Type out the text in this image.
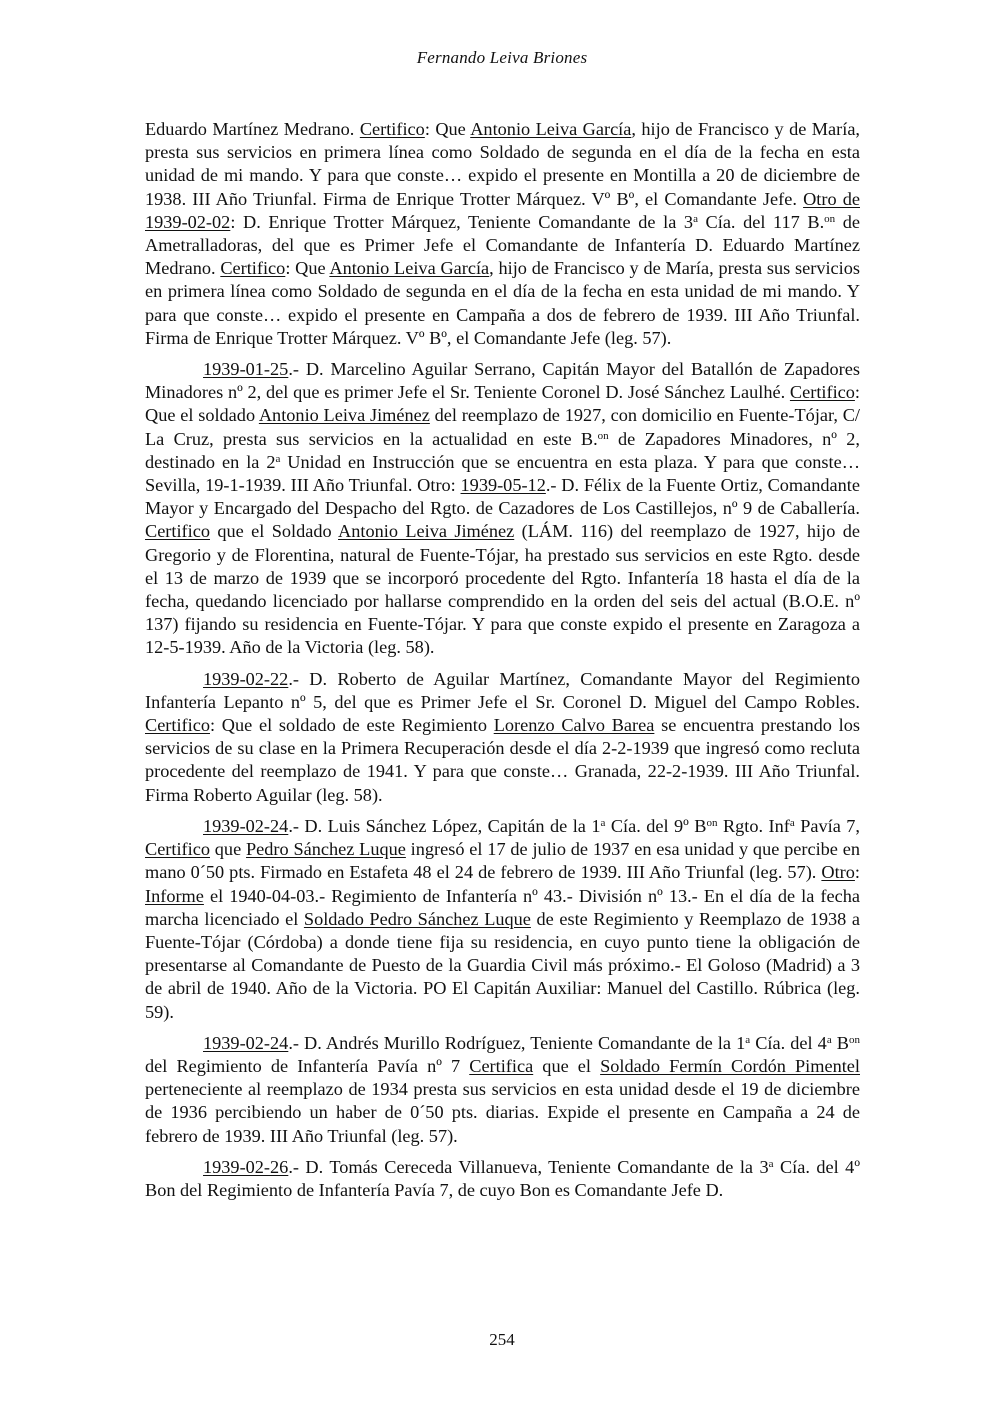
Fernando Leiva Briones

Eduardo Martínez Medrano. Certifico: Que Antonio Leiva García, hijo de Francisco y de María, presta sus servicios en primera línea como Soldado de segunda en el día de la fecha en esta unidad de mi mando. Y para que conste… expido el presente en Montilla a 20 de diciembre de 1938. III Año Triunfal. Firma de Enrique Trotter Márquez. Vº Bº, el Comandante Jefe. Otro de 1939-02-02: D. Enrique Trotter Márquez, Teniente Comandante de la 3$^a$ Cía. del 117 B.$^{on}$ de Ametralladoras, del que es Primer Jefe el Comandante de Infantería D. Eduardo Martínez Medrano. Certifico: Que Antonio Leiva García, hijo de Francisco y de María, presta sus servicios en primera línea como Soldado de segunda en el día de la fecha en esta unidad de mi mando. Y para que conste… expido el presente en Campaña a dos de febrero de 1939. III Año Triunfal. Firma de Enrique Trotter Márquez. Vº Bº, el Comandante Jefe (leg. 57).

1939-01-25.- D. Marcelino Aguilar Serrano, Capitán Mayor del Batallón de Zapadores Minadores nº 2, del que es primer Jefe el Sr. Teniente Coronel D. José Sánchez Laulhé. Certifico: Que el soldado Antonio Leiva Jiménez del reemplazo de 1927, con domicilio en Fuente-Tójar, C/ La Cruz, presta sus servicios en la actualidad en este B.$^{on}$ de Zapadores Minadores, nº 2, destinado en la 2$^a$ Unidad en Instrucción que se encuentra en esta plaza. Y para que conste… Sevilla, 19-1-1939. III Año Triunfal. Otro: 1939-05-12.- D. Félix de la Fuente Ortiz, Comandante Mayor y Encargado del Despacho del Rgto. de Cazadores de Los Castillejos, nº 9 de Caballería. Certifico que el Soldado Antonio Leiva Jiménez (LÁM. 116) del reemplazo de 1927, hijo de Gregorio y de Florentina, natural de Fuente-Tójar, ha prestado sus servicios en este Rgto. desde el 13 de marzo de 1939 que se incorporó procedente del Rgto. Infantería 18 hasta el día de la fecha, quedando licenciado por hallarse comprendido en la orden del seis del actual (B.O.E. nº 137) fijando su residencia en Fuente-Tójar. Y para que conste expido el presente en Zaragoza a 12-5-1939. Año de la Victoria (leg. 58).

1939-02-22.- D. Roberto de Aguilar Martínez, Comandante Mayor del Regimiento Infantería Lepanto nº 5, del que es Primer Jefe el Sr. Coronel D. Miguel del Campo Robles. Certifico: Que el soldado de este Regimiento Lorenzo Calvo Barea se encuentra prestando los servicios de su clase en la Primera Recuperación desde el día 2-2-1939 que ingresó como recluta procedente del reemplazo de 1941. Y para que conste… Granada, 22-2-1939. III Año Triunfal. Firma Roberto Aguilar (leg. 58).

1939-02-24.- D. Luis Sánchez López, Capitán de la 1$^a$ Cía. del 9º $B^{on}$ Rgto. Inf$^a$ Pavía 7, Certifico que Pedro Sánchez Luque ingresó el 17 de julio de 1937 en esa unidad y que percibe en mano 0´50 pts. Firmado en Estafeta 48 el 24 de febrero de 1939. III Año Triunfal (leg. 57). Otro: Informe el 1940-04-03.- Regimiento de Infantería nº 43.- División nº 13.- En el día de la fecha marcha licenciado el Soldado Pedro Sánchez Luque de este Regimiento y Reemplazo de 1938 a Fuente-Tójar (Córdoba) a donde tiene fija su residencia, en cuyo punto tiene la obligación de presentarse al Comandante de Puesto de la Guardia Civil más próximo.- El Goloso (Madrid) a 3 de abril de 1940. Año de la Victoria. PO El Capitán Auxiliar: Manuel del Castillo. Rúbrica (leg. 59).

1939-02-24.- D. Andrés Murillo Rodríguez, Teniente Comandante de la 1$^a$ Cía. del 4$^a$ $B^{on}$ del Regimiento de Infantería Pavía nº 7 Certifica que el Soldado Fermín Cordón Pimentel perteneciente al reemplazo de 1934 presta sus servicios en esta unidad desde el 19 de diciembre de 1936 percibiendo un haber de 0´50 pts. diarias. Expide el presente en Campaña a 24 de febrero de 1939. III Año Triunfal (leg. 57).

1939-02-26.- D. Tomás Cereceda Villanueva, Teniente Comandante de la 3$^a$ Cía. del 4º Bon del Regimiento de Infantería Pavía 7, de cuyo Bon es Comandante Jefe D.

254
